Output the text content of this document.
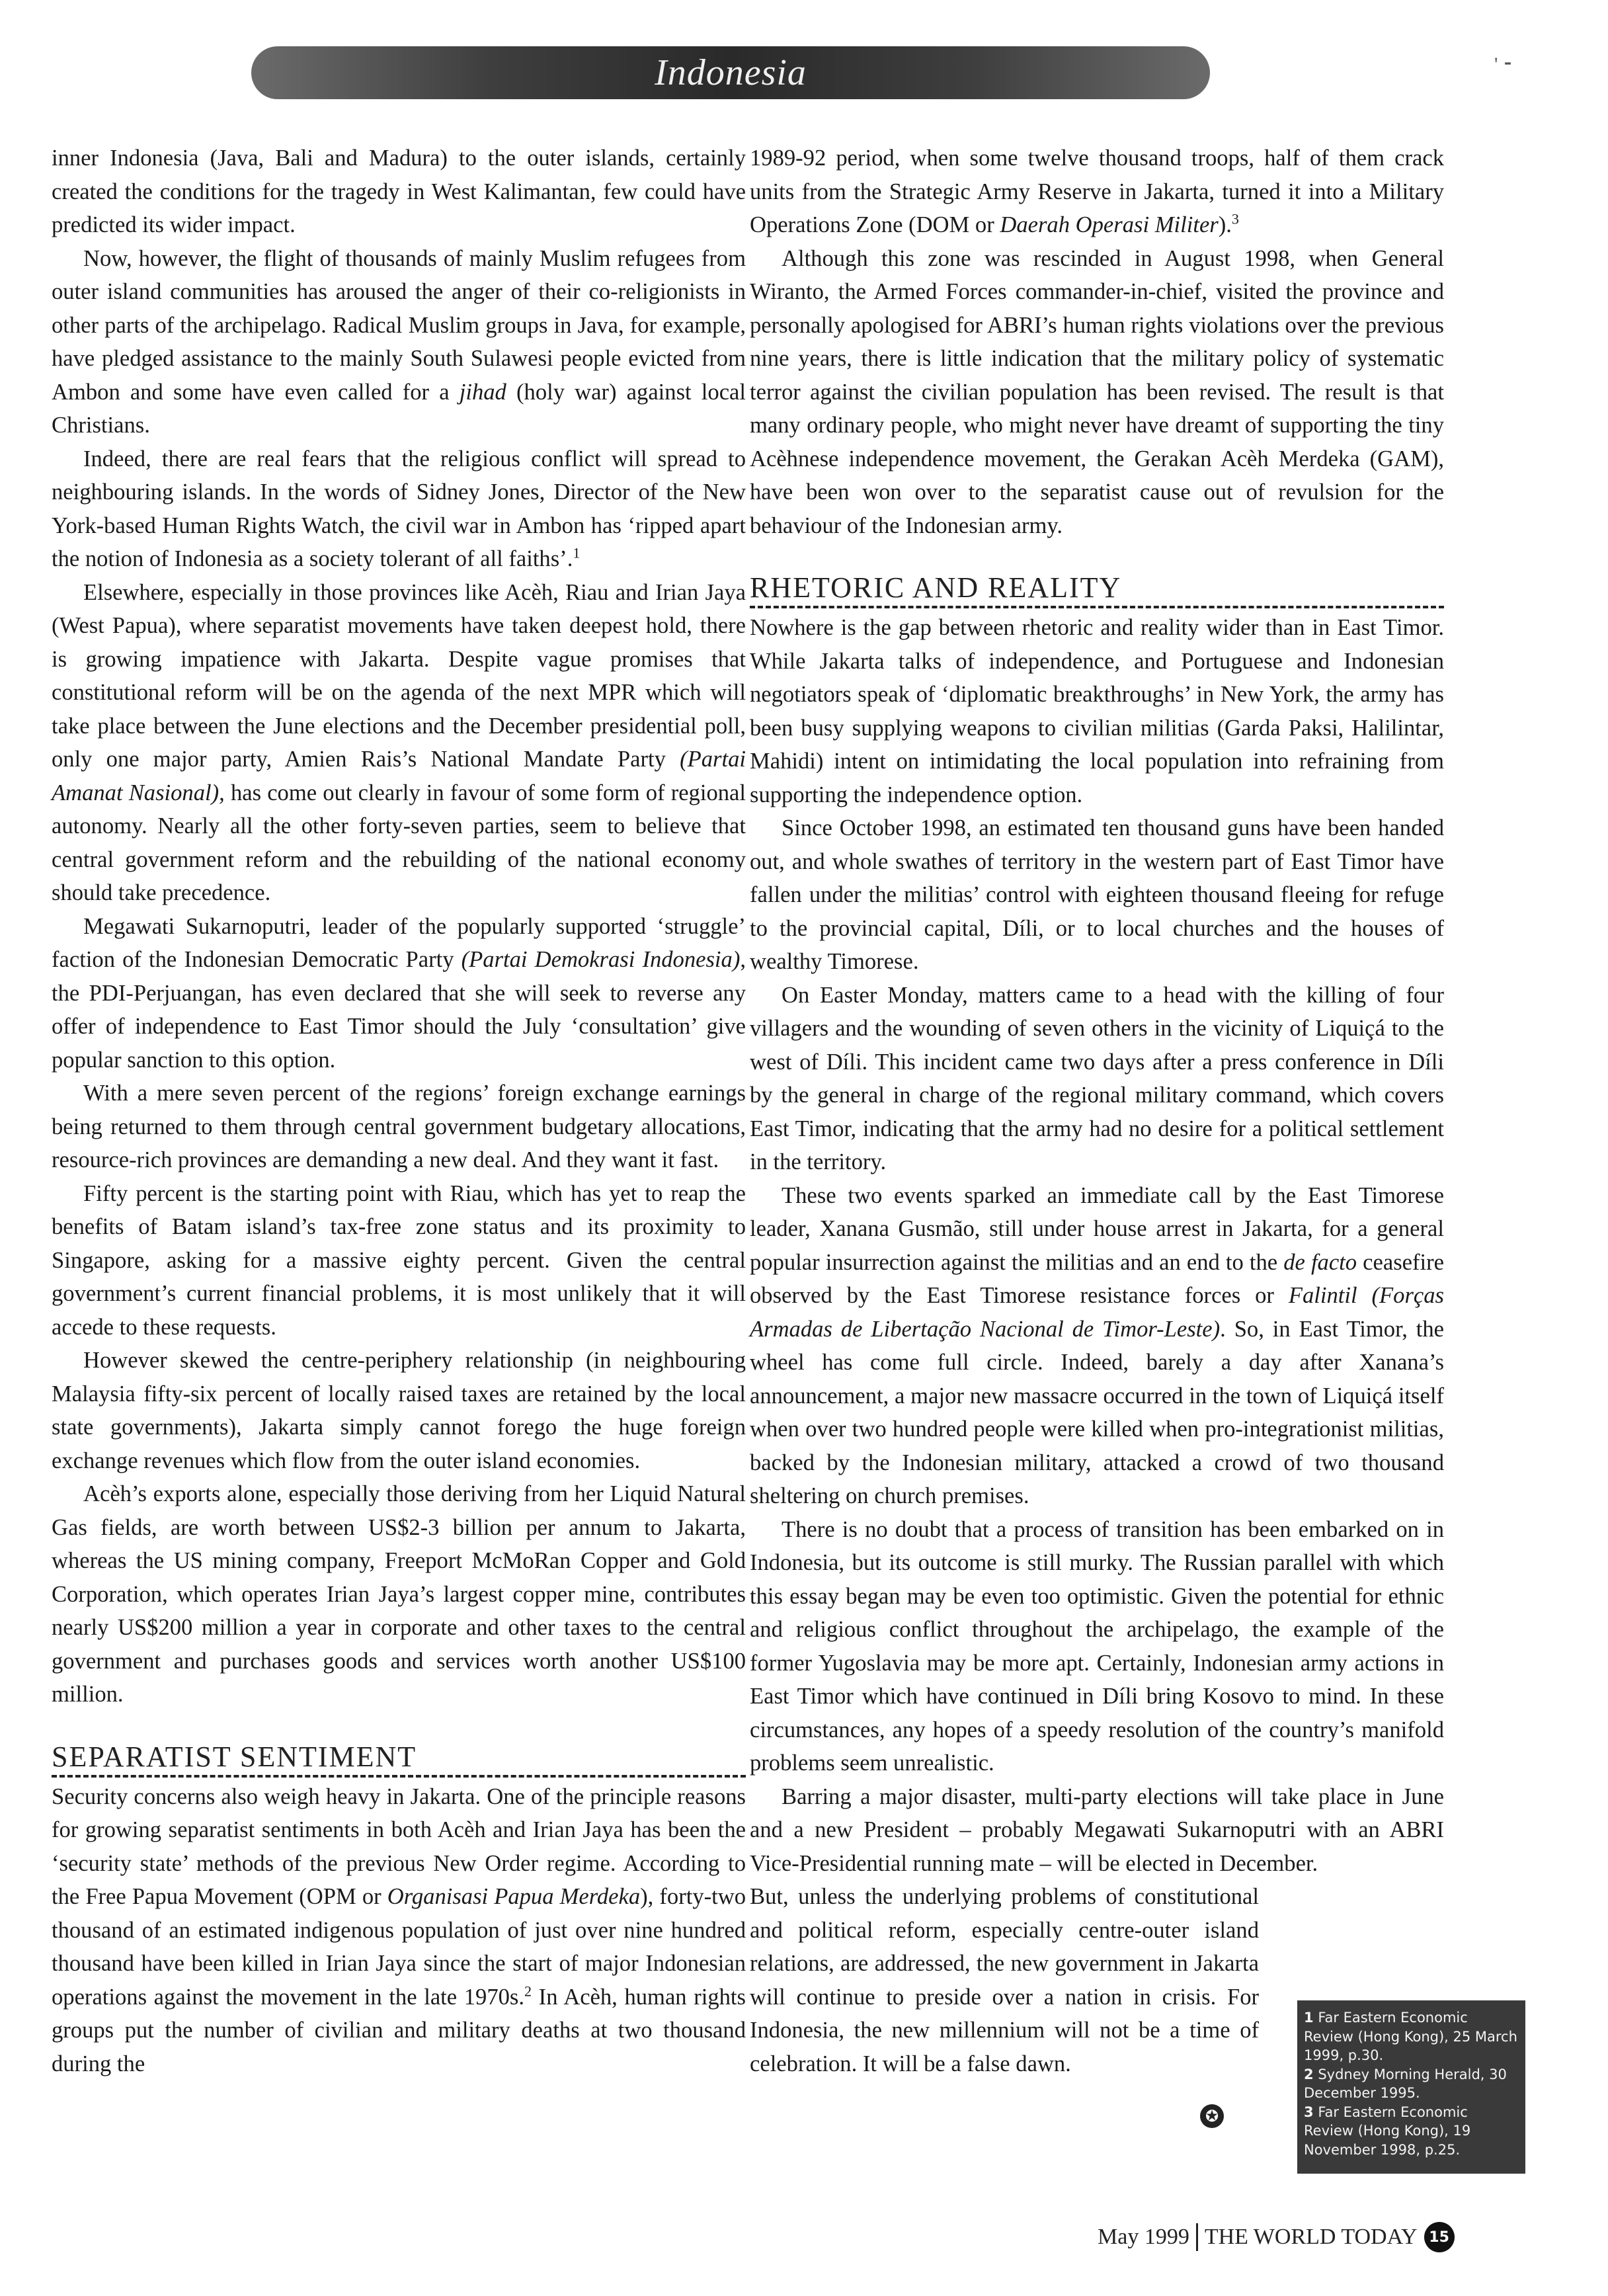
Indonesia	' ⁃

inner Indonesia (Java, Bali and Madura) to the outer islands, certainly created the conditions for the tragedy in West Kalimantan, few could have predicted its wider impact.

Now, however, the flight of thousands of mainly Muslim refugees from outer island communities has aroused the anger of their co-religionists in other parts of the archipelago. Radical Muslim groups in Java, for example, have pledged assistance to the mainly South Sulawesi people evicted from Ambon and some have even called for a jihad (holy war) against local Christians.

Indeed, there are real fears that the religious conflict will spread to neighbouring islands. In the words of Sidney Jones, Director of the New York-based Human Rights Watch, the civil war in Ambon has ‘ripped apart the notion of Indonesia as a society tolerant of all faiths’.$^1$

Elsewhere, especially in those provinces like Acèh, Riau and Irian Jaya (West Papua), where separatist movements have taken deepest hold, there is growing impatience with Jakarta. Despite vague promises that constitutional reform will be on the agenda of the next MPR which will take place between the June elections and the December presidential poll, only one major party, Amien Rais’s National Mandate Party (Partai Amanat Nasional), has come out clearly in favour of some form of regional autonomy. Nearly all the other forty-seven parties, seem to believe that central government reform and the rebuilding of the national economy should take precedence.

Megawati Sukarnoputri, leader of the popularly supported ‘struggle’ faction of the Indonesian Democratic Party (Partai Demokrasi Indonesia), the PDI-Perjuangan, has even declared that she will seek to reverse any offer of independence to East Timor should the July ‘consultation’ give popular sanction to this option.

With a mere seven percent of the regions’ foreign exchange earnings being returned to them through central government budgetary allocations, resource-rich provinces are demanding a new deal. And they want it fast.

Fifty percent is the starting point with Riau, which has yet to reap the benefits of Batam island’s tax-free zone status and its proximity to Singapore, asking for a massive eighty percent. Given the central government’s current financial problems, it is most unlikely that it will accede to these requests.

However skewed the centre-periphery relationship (in neighbouring Malaysia fifty-six percent of locally raised taxes are retained by the local state governments), Jakarta simply cannot forego the huge foreign exchange revenues which flow from the outer island economies.

Acèh’s exports alone, especially those deriving from her Liquid Natural Gas fields, are worth between US$2-3 billion per annum to Jakarta, whereas the US mining company, Freeport McMoRan Copper and Gold Corporation, which operates Irian Jaya’s largest copper mine, contributes nearly US$200 million a year in corporate and other taxes to the central government and purchases goods and services worth another US$100 million.

SEPARATIST SENTIMENT

Security concerns also weigh heavy in Jakarta. One of the principle reasons for growing separatist sentiments in both Acèh and Irian Jaya has been the ‘security state’ methods of the previous New Order regime. According to the Free Papua Movement (OPM or Organisasi Papua Merdeka), forty-two thousand of an estimated indigenous population of just over nine hundred thousand have been killed in Irian Jaya since the start of major Indonesian operations against the movement in the late 1970s.$^2$ In Acèh, human rights groups put the number of civilian and military deaths at two thousand during the

1989-92 period, when some twelve thousand troops, half of them crack units from the Strategic Army Reserve in Jakarta, turned it into a Military Operations Zone (DOM or Daerah Operasi Militer).$^3$

Although this zone was rescinded in August 1998, when General Wiranto, the Armed Forces commander-in-chief, visited the province and personally apologised for ABRI’s human rights violations over the previous nine years, there is little indication that the military policy of systematic terror against the civilian population has been revised. The result is that many ordinary people, who might never have dreamt of supporting the tiny Acèhnese independence movement, the Gerakan Acèh Merdeka (GAM), have been won over to the separatist cause out of revulsion for the behaviour of the Indonesian army.

RHETORIC AND REALITY

Nowhere is the gap between rhetoric and reality wider than in East Timor. While Jakarta talks of independence, and Portuguese and Indonesian negotiators speak of ‘diplomatic breakthroughs’ in New York, the army has been busy supplying weapons to civilian militias (Garda Paksi, Halilintar, Mahidi) intent on intimidating the local population into refraining from supporting the independence option.

Since October 1998, an estimated ten thousand guns have been handed out, and whole swathes of territory in the western part of East Timor have fallen under the militias’ control with eighteen thousand fleeing for refuge to the provincial capital, Díli, or to local churches and the houses of wealthy Timorese.

On Easter Monday, matters came to a head with the killing of four villagers and the wounding of seven others in the vicinity of Liquiçá to the west of Díli. This incident came two days after a press conference in Díli by the general in charge of the regional military command, which covers East Timor, indicating that the army had no desire for a political settlement in the territory.

These two events sparked an immediate call by the East Timorese leader, Xanana Gusmão, still under house arrest in Jakarta, for a general popular insurrection against the militias and an end to the de facto ceasefire observed by the East Timorese resistance forces or Falintil (Forças Armadas de Libertação Nacional de Timor-Leste). So, in East Timor, the wheel has come full circle. Indeed, barely a day after Xanana’s announcement, a major new massacre occurred in the town of Liquiçá itself when over two hundred people were killed when pro-integrationist militias, backed by the Indonesian military, attacked a crowd of two thousand sheltering on church premises.

There is no doubt that a process of transition has been embarked on in Indonesia, but its outcome is still murky. The Russian parallel with which this essay began may be even too optimistic. Given the potential for ethnic and religious conflict throughout the archipelago, the example of the former Yugoslavia may be more apt. Certainly, Indonesian army actions in East Timor which have continued in Díli bring Kosovo to mind. In these circumstances, any hopes of a speedy resolution of the country’s manifold problems seem unrealistic.

Barring a major disaster, multi-party elections will take place in June and a new President – probably Megawati Sukarnoputri with an ABRI Vice-Presidential running mate – will be elected in December.

But, unless the underlying problems of constitutional and political reform, especially centre-outer island relations, are addressed, the new government in Jakarta will continue to preside over a nation in crisis. For Indonesia, the new millennium will not be a time of celebration. It will be a false dawn.

✪
1 Far Eastern Economic Review (Hong Kong), 25 March 1999, p.30.
2 Sydney Morning Herald, 30 December 1995.
3 Far Eastern Economic Review (Hong Kong), 19 November 1998, p.25.
May 1999 THE WORLD TODAY 15
